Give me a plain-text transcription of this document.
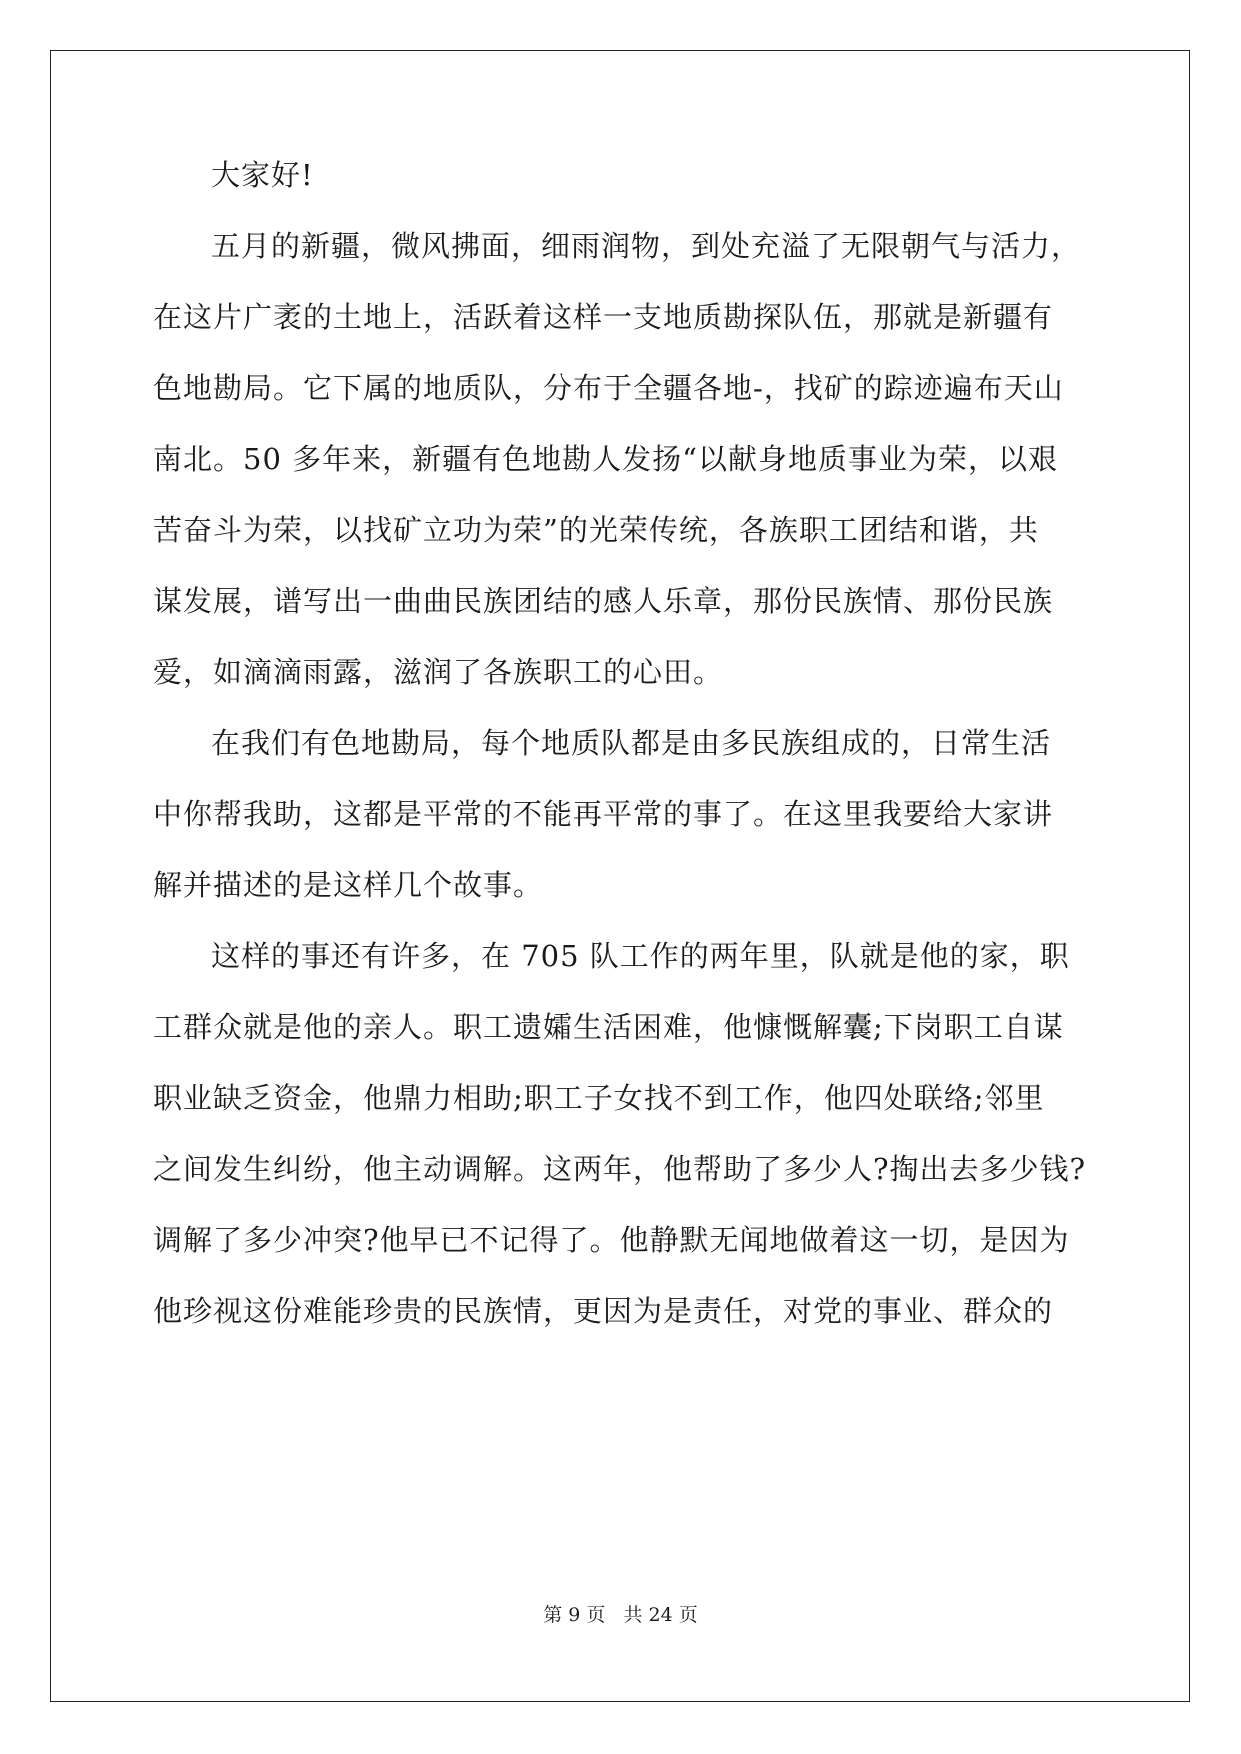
大家好!
五月的新疆，微风拂面，细雨润物，到处充溢了无限朝气与活力，
在这片广袤的土地上，活跃着这样一支地质勘探队伍，那就是新疆有
色地勘局。它下属的地质队，分布于全疆各地-，找矿的踪迹遍布天山
南北。50 多年来，新疆有色地勘人发扬“以献身地质事业为荣，以艰
苦奋斗为荣，以找矿立功为荣”的光荣传统，各族职工团结和谐，共
谋发展，谱写出一曲曲民族团结的感人乐章，那份民族情、那份民族
爱，如滴滴雨露，滋润了各族职工的心田。
在我们有色地勘局，每个地质队都是由多民族组成的，日常生活
中你帮我助，这都是平常的不能再平常的事了。在这里我要给大家讲
解并描述的是这样几个故事。
这样的事还有许多，在 705 队工作的两年里，队就是他的家，职
工群众就是他的亲人。职工遗孀生活困难，他慷慨解囊;下岗职工自谋
职业缺乏资金，他鼎力相助;职工子女找不到工作，他四处联络;邻里
之间发生纠纷，他主动调解。这两年，他帮助了多少人?掏出去多少钱?
调解了多少冲突?他早已不记得了。他静默无闻地做着这一切，是因为
他珍视这份难能珍贵的民族情，更因为是责任，对党的事业、群众的
第 9 页   共 24 页
